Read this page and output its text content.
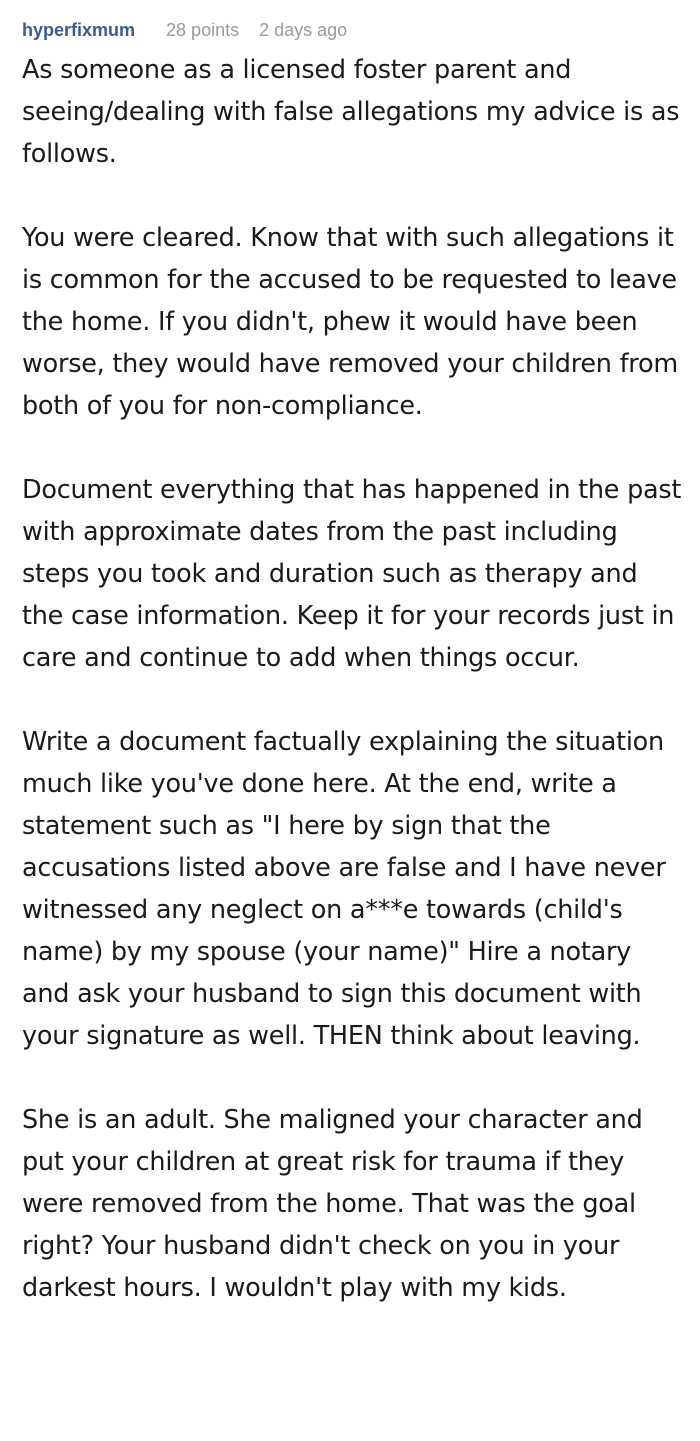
hyperfixmum 28 points 2 days ago

As someone as a licensed foster parent and seeing/dealing with false allegations my advice is as follows.

You were cleared. Know that with such allegations it is common for the accused to be requested to leave the home. If you didn't, phew it would have been worse, they would have removed your children from both of you for non-compliance.

Document everything that has happened in the past with approximate dates from the past including steps you took and duration such as therapy and the case information. Keep it for your records just in care and continue to add when things occur.

Write a document factually explaining the situation much like you've done here. At the end, write a statement such as "I here by sign that the accusations listed above are false and I have never witnessed any neglect on a***e towards (child's name) by my spouse (your name)" Hire a notary and ask your husband to sign this document with your signature as well. THEN think about leaving.

She is an adult. She maligned your character and put your children at great risk for trauma if they were removed from the home. That was the goal right? Your husband didn't check on you in your darkest hours. I wouldn't play with my kids.
